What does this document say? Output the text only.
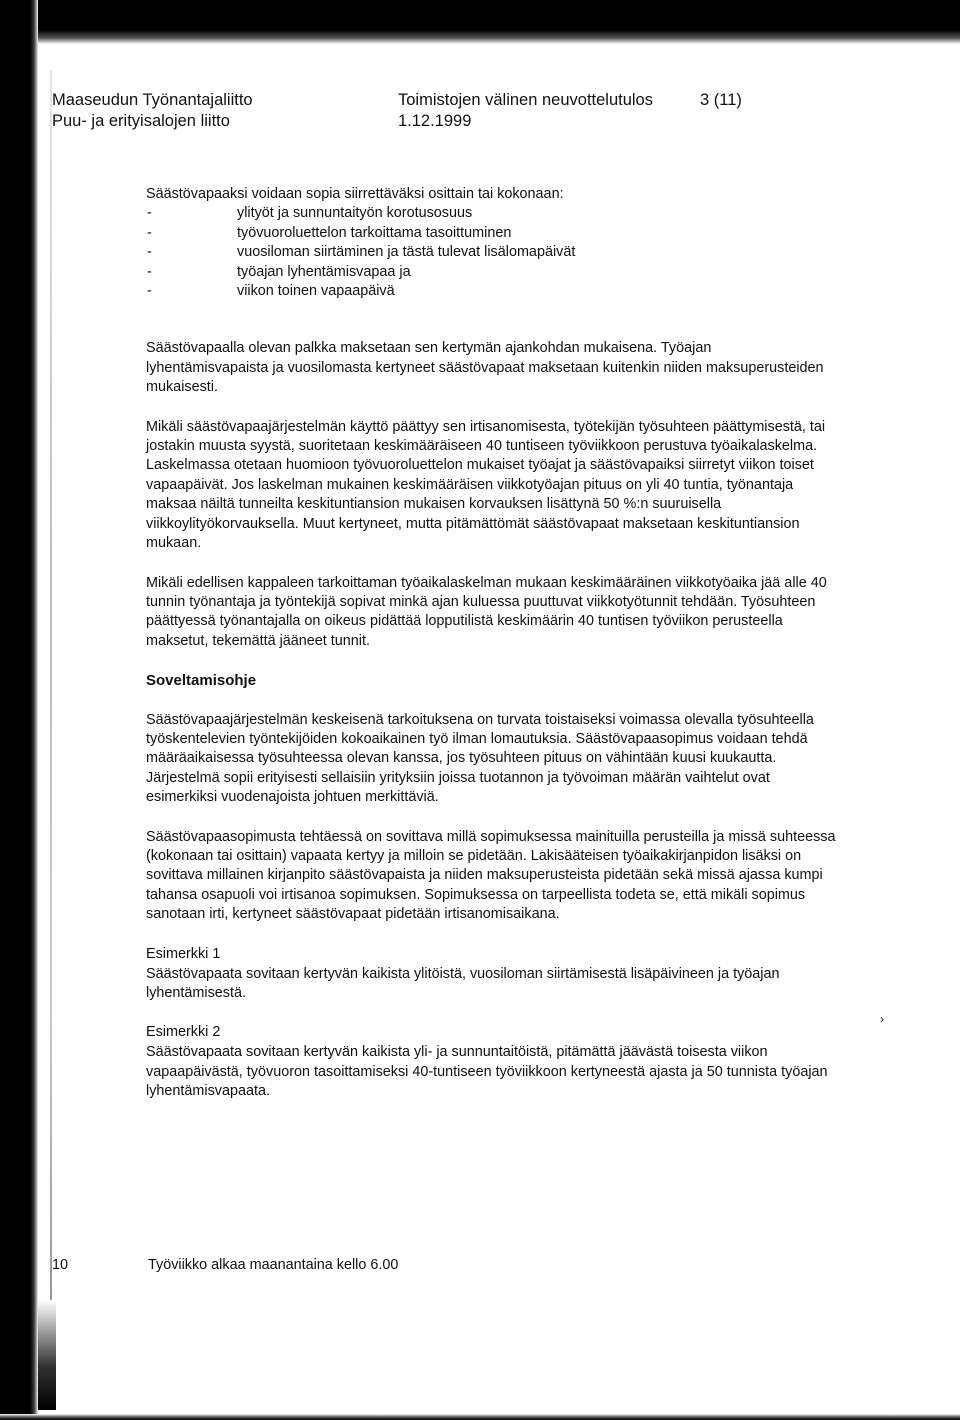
Maaseudun Työnantajaliitto
Puu- ja erityisalojen liitto
Toimistojen välinen neuvottelutulos
1.12.1999
3 (11)

Säästövapaaksi voidaan sopia siirrettäväksi osittain tai kokonaan:

- ylityöt ja sunnuntaityön korotusosuus
- työvuoroluettelon tarkoittama tasoittuminen
- vuosiloman siirtäminen ja tästä tulevat lisälomapäivät
- työajan lyhentämisvapaa ja
- viikon toinen vapaapäivä

Säästövapaalla olevan palkka maksetaan sen kertymän ajankohdan mukaisena. Työajan lyhentämisvapaista ja vuosilomasta kertyneet säästövapaat maksetaan kuitenkin niiden maksuperusteiden mukaisesti.

Mikäli säästövapaajärjestelmän käyttö päättyy sen irtisanomisesta, työtekijän työsuhteen päättymisestä, tai jostakin muusta syystä, suoritetaan keskimääräiseen 40 tuntiseen työviikkoon perustuva työaikalaskelma. Laskelmassa otetaan huomioon työvuoroluettelon mukaiset työajat ja säästövapaiksi siirretyt viikon toiset vapaapäivät. Jos laskelman mukainen keskimääräisen viikkotyöajan pituus on yli 40 tuntia, työnantaja maksaa näiltä tunneilta keskituntiansion mukaisen korvauksen lisättynä 50 %:n suuruisella viikkoylityökorvauksella. Muut kertyneet, mutta pitämättömät säästövapaat maksetaan keskituntiansion mukaan.

Mikäli edellisen kappaleen tarkoittaman työaikalaskelman mukaan keskimääräinen viikkotyöaika jää alle 40 tunnin työnantaja ja työntekijä sopivat minkä ajan kuluessa puuttuvat viikkotyötunnit tehdään. Työsuhteen päättyessä työnantajalla on oikeus pidättää lopputilistä keskimäärin 40 tuntisen työviikon perusteella maksetut, tekemättä jääneet tunnit.

Soveltamisohje

Säästövapaajärjestelmän keskeisenä tarkoituksena on turvata toistaiseksi voimassa olevalla työsuhteella työskentelevien työntekijöiden kokoaikainen työ ilman lomautuksia. Säästövapaasopimus voidaan tehdä määräaikaisessa työsuhteessa olevan kanssa, jos työsuhteen pituus on vähintään kuusi kuukautta. Järjestelmä sopii erityisesti sellaisiin yrityksiin joissa tuotannon ja työvoiman määrän vaihtelut ovat esimerkiksi vuodenajoista johtuen merkittäviä.

Säästövapaasopimusta tehtäessä on sovittava millä sopimuksessa mainituilla perusteilla ja missä suhteessa (kokonaan tai osittain) vapaata kertyy ja milloin se pidetään. Lakisääteisen työaikakirjanpidon lisäksi on sovittava millainen kirjanpito säästövapaista ja niiden maksuperusteista pidetään sekä missä ajassa kumpi tahansa osapuoli voi irtisanoa sopimuksen. Sopimuksessa on tarpeellista todeta se, että mikäli sopimus sanotaan irti, kertyneet säästövapaat pidetään irtisanomisaikana.

Esimerkki 1

Säästövapaata sovitaan kertyvän kaikista ylitöistä, vuosiloman siirtämisestä lisäpäivineen ja työajan lyhentämisestä.

Esimerkki 2

Säästövapaata sovitaan kertyvän kaikista yli- ja sunnuntaitöistä, pitämättä jäävästä toisesta viikon vapaapäivästä, työvuoron tasoittamiseksi 40-tuntiseen työviikkoon kertyneestä ajasta ja 50 tunnista työajan lyhentämisvapaata.

›
10	Työviikko alkaa maanantaina kello 6.00
